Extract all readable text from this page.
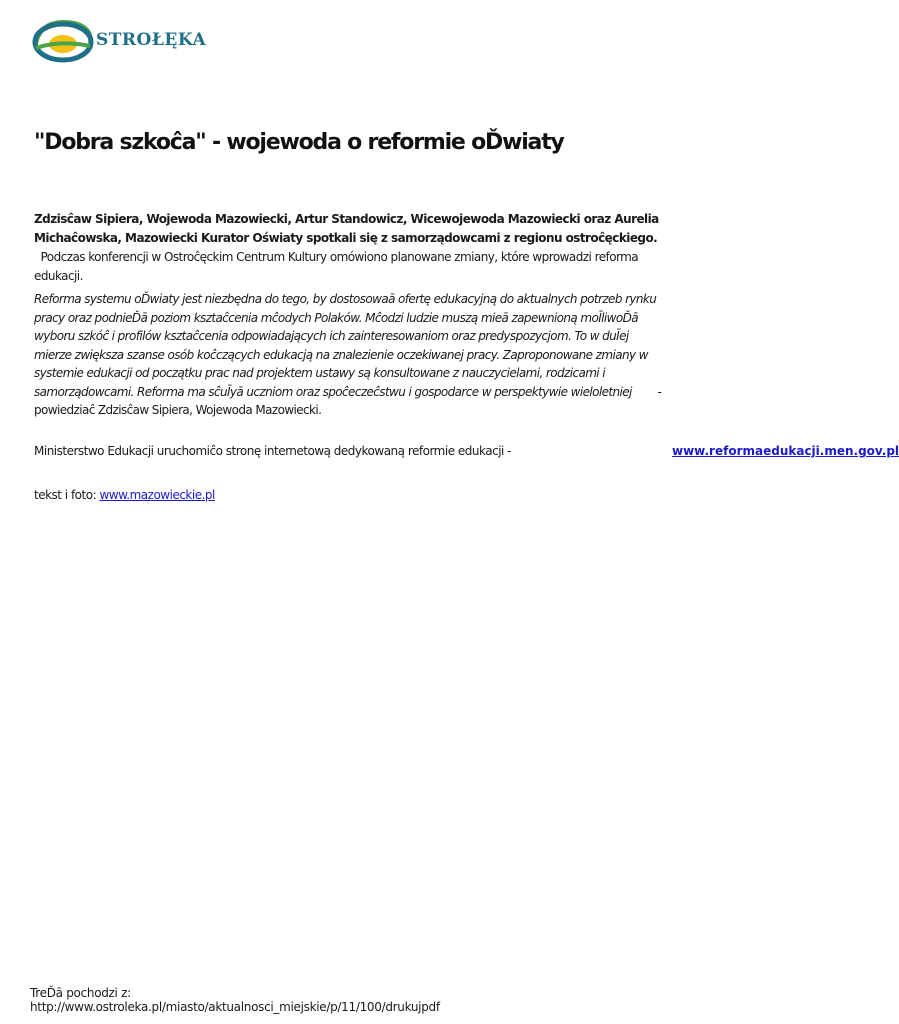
STROŁĘKA
"Dobra szkoĉa" - wojewoda o reformie oĎwiaty

Zdzisĉaw Sipiera, Wojewoda Mazowiecki, Artur Standowicz, Wicewojewoda Mazowiecki oraz Aurelia Michaĉowska, Mazowiecki Kurator Oświaty spotkali się z samorządowcami z regionu ostroĉęckiego.   Podczas konferencji w Ostroĉęckim Centrum Kultury omówiono planowane zmiany, które wprowadzi reforma edukacji.

Reforma systemu oĎwiaty jest niezbędna do tego, by dostosowaā ofertę edukacyjną do aktualnych potrzeb rynku pracy oraz podnieĎā poziom ksztaĉcenia mĉodych Polaków. Mĉodzi ludzie muszą mieā zapewnioną moĪliwoĎā wyboru szkóĉ i profilów ksztaĉcenia odpowiadających ich zainteresowaniom oraz predyspozycjom. To w duĪej mierze zwiększa szanse osób koĉczących edukacją na znalezienie oczekiwanej pracy. Zaproponowane zmiany w systemie edukacji od początku prac nad projektem ustawy są konsultowane z nauczycielami, rodzicami i samorządowcami. Reforma ma sĉuĪyā uczniom oraz spoĉeczeĉstwu i gospodarce w perspektywie wieloletniej - powiedziaĉ Zdzisĉaw Sipiera, Wojewoda Mazowiecki.

Ministerstwo Edukacji uruchomiĉo stronę internetową dedykowaną reformie edukacji -	www.reformaedukacji.men.gov.pl

tekst i foto: www.mazowieckie.pl

TreĎā pochodzi z:
http://www.ostroleka.pl/miasto/aktualnosci_miejskie/p/11/100/drukujpdf
